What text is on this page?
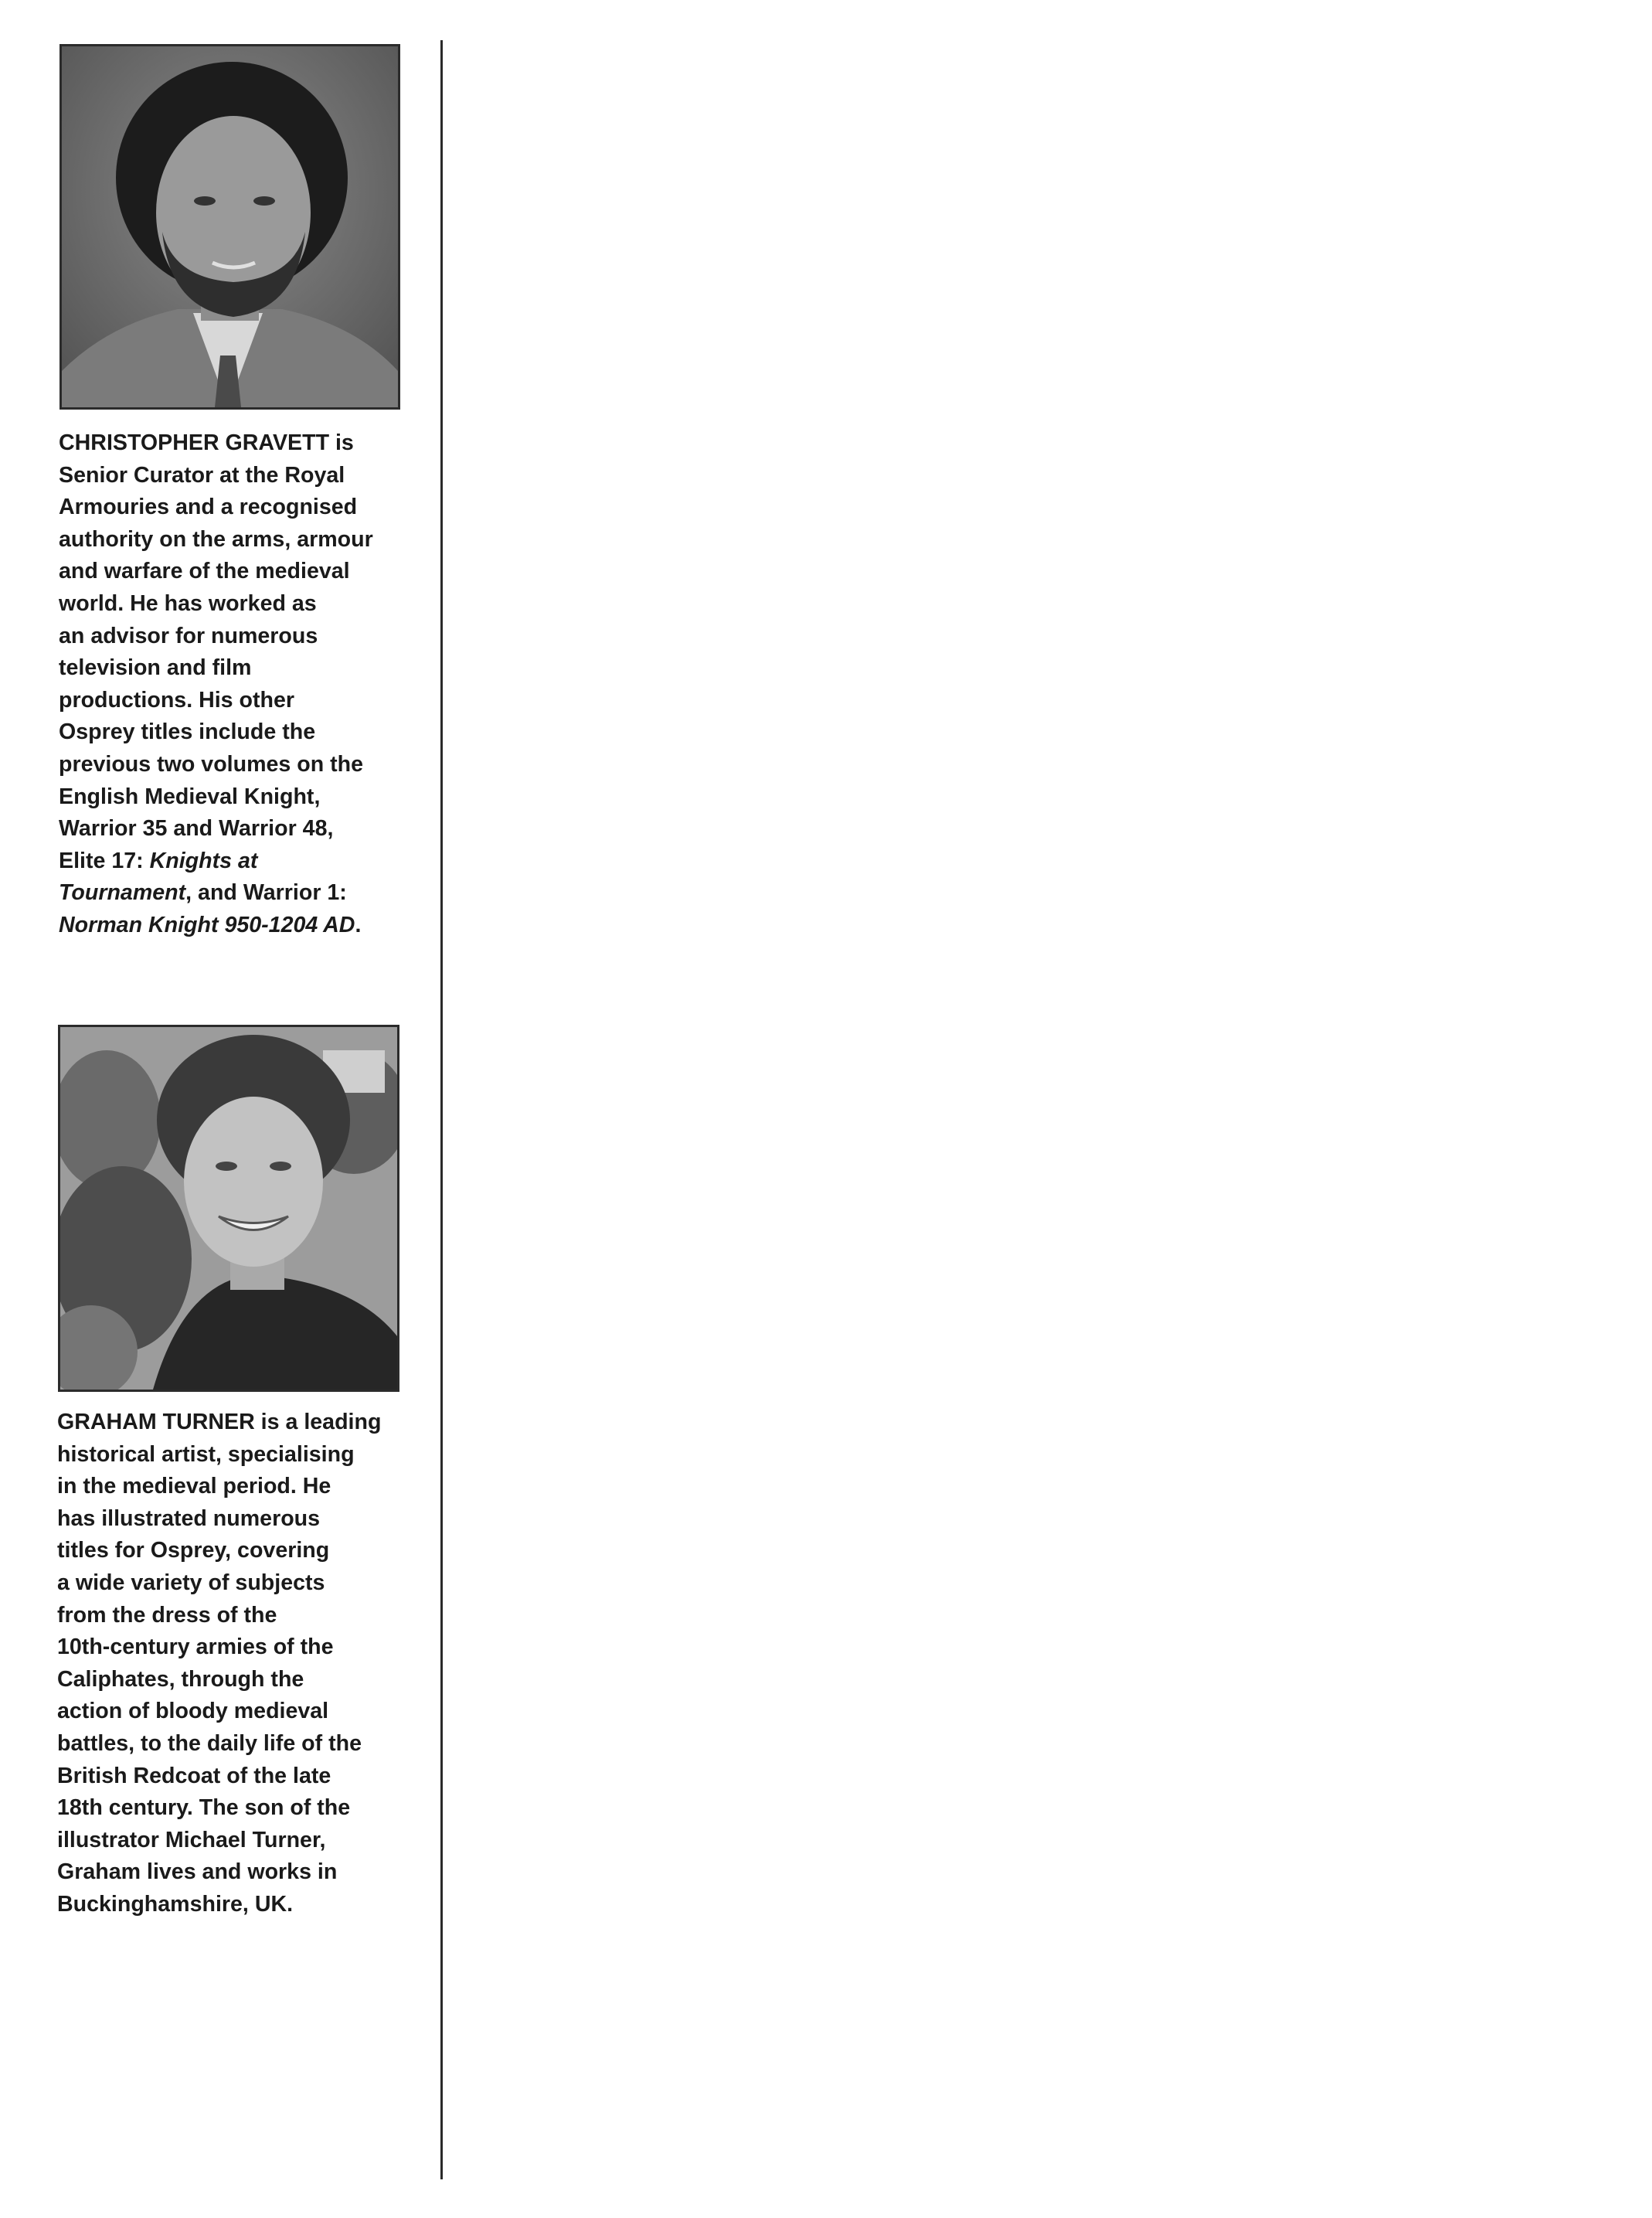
CHRISTOPHER GRAVETT is
Senior Curator at the Royal
Armouries and a recognised
authority on the arms, armour
and warfare of the medieval
world. He has worked as
an advisor for numerous
television and film
productions. His other
Osprey titles include the
previous two volumes on the
English Medieval Knight,
Warrior 35 and Warrior 48,
Elite 17: Knights at
Tournament, and Warrior 1:
Norman Knight 950-1204 AD.

GRAHAM TURNER is a leading
historical artist, specialising
in the medieval period. He
has illustrated numerous
titles for Osprey, covering
a wide variety of subjects
from the dress of the
10th-century armies of the
Caliphates, through the
action of bloody medieval
battles, to the daily life of the
British Redcoat of the late
18th century. The son of the
illustrator Michael Turner,
Graham lives and works in
Buckinghamshire, UK.
